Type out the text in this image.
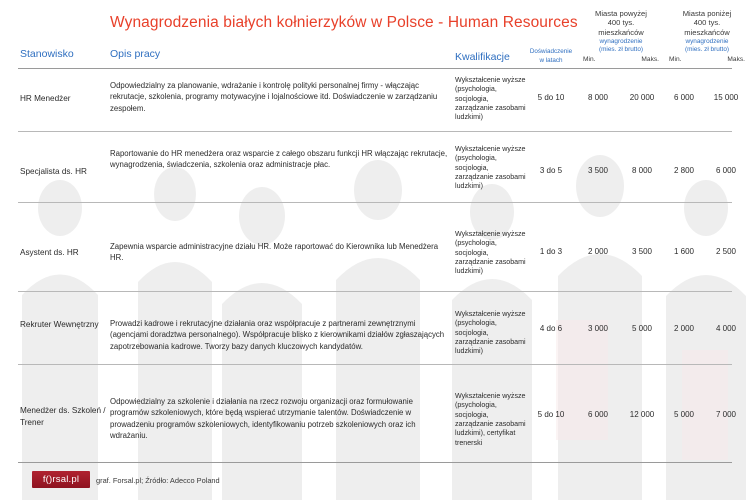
Wynagrodzenia białych kołnierzyków w Polsce - Human Resources
Stanowisko	Opis pracy	Kwalifikacje	Doświadczenie
w latach
Miasta powyżej
400 tys.
mieszkańców
wynagrodzenie
(mies. zł brutto)
Min.	Maks.
Miasta poniżej
400 tys.
mieszkańców
wynagrodzenie
(mies. zł brutto)
Min.	Maks.
HR Menedżer
Odpowiedzialny za planowanie, wdrażanie i kontrolę polityki personalnej firmy - włączając rekrutacje, szkolenia, programy motywacyjne i lojalnościowe itd. Doświadczenie w zarządzaniu zespołem.
Wykształcenie wyższe (psychologia, socjologia, zarządzanie zasobami ludzkimi)
5 do 10	8 000	20 000	6 000	15 000
Specjalista ds. HR
Raportowanie do HR menedżera oraz wsparcie z całego obszaru funkcji HR włączając rekrutacje, wynagrodzenia, świadczenia, szkolenia oraz administracje płac.
Wykształcenie wyższe (psychologia, socjologia, zarządzanie zasobami ludzkimi)
3 do 5	3 500	8 000	2 800	6 000
Asystent ds. HR
Zapewnia wsparcie administracyjne działu HR. Może raportować do Kierownika lub Menedżera HR.
Wykształcenie wyższe (psychologia, socjologia, zarządzanie zasobami ludzkimi)
1 do 3	2 000	3 500	1 600	2 500
Rekruter Wewnętrzny	Prowadzi kadrowe i rekrutacyjne działania oraz współpracuje z partnerami zewnętrznymi (agencjami doradztwa personalnego). Współpracuje blisko z kierownikami działów zgłaszających zapotrzebowania kadrowe. Tworzy bazy danych kluczowych kandydatów.
Wykształcenie wyższe (psychologia, socjologia, zarządzanie zasobami ludzkimi)
4 do 6	3 000	5 000	2 000	4 000
Menedżer ds. Szkoleń / Trener
Odpowiedzialny za szkolenie i działania na rzecz rozwoju organizacji oraz formułowanie programów szkoleniowych, które będą wspierać utrzymanie talentów. Doświadczenie w prowadzeniu programów szkoleniowych, identyfikowaniu potrzeb szkoleniowych oraz ich wdrażaniu.
Wykształcenie wyższe (psychologia, socjologia, zarządzanie zasobami ludzkimi), certyfikat trenerski
5 do 10	6 000	12 000	5 000	7 000
f()rsal.pl	graf. Forsal.pl; Źródło: Adecco Poland
